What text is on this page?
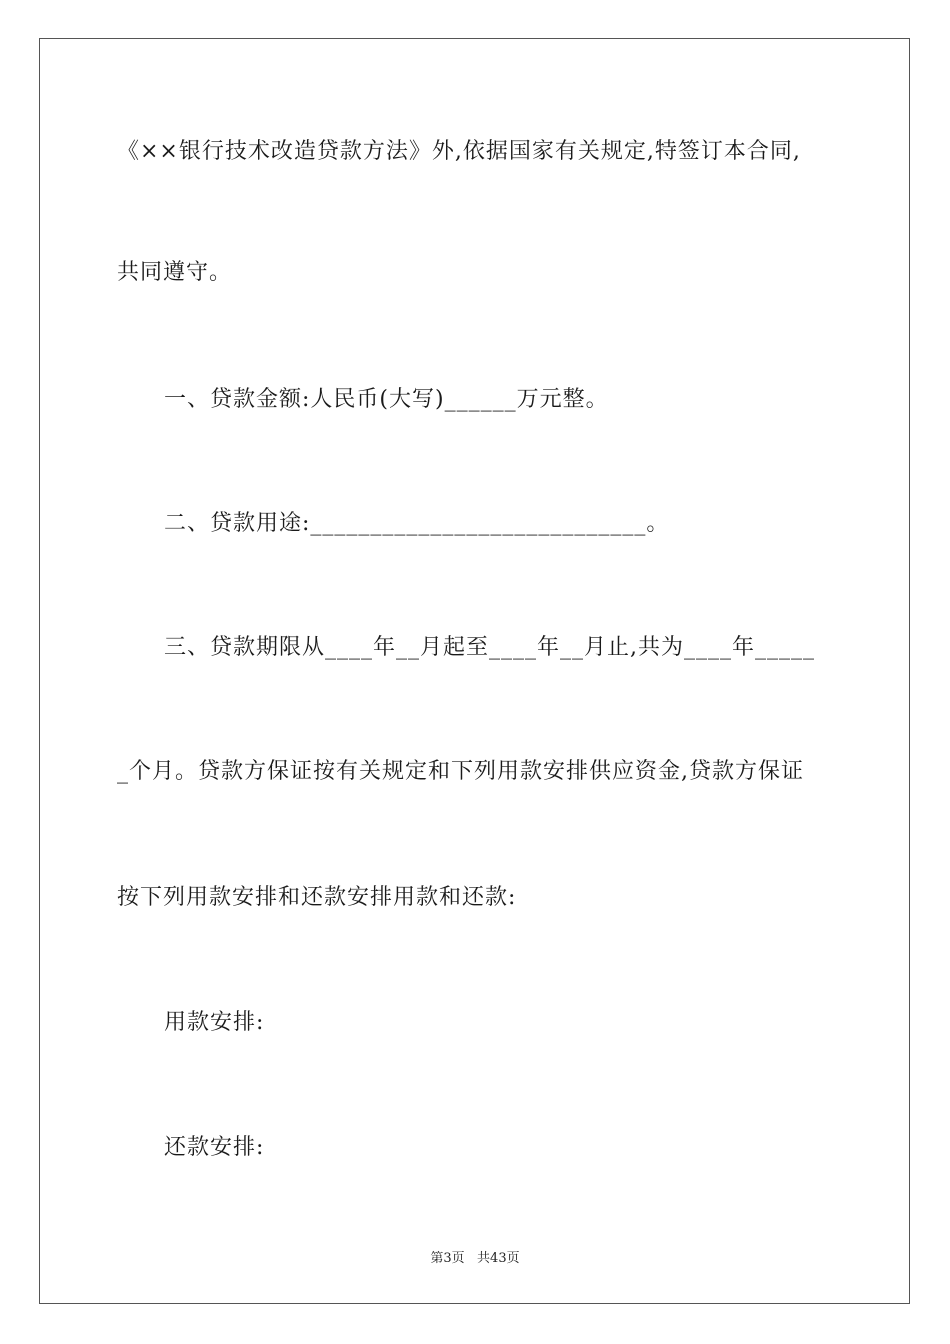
《××银行技术改造贷款方法》外,依据国家有关规定,特签订本合同,
共同遵守。
一、贷款金额:人民币(大写)______万元整。
二、贷款用途:____________________________。
三、贷款期限从____年__月起至____年__月止,共为____年_____
_个月。贷款方保证按有关规定和下列用款安排供应资金,贷款方保证
按下列用款安排和还款安排用款和还款:
用款安排:
还款安排:
第3页   共43页
